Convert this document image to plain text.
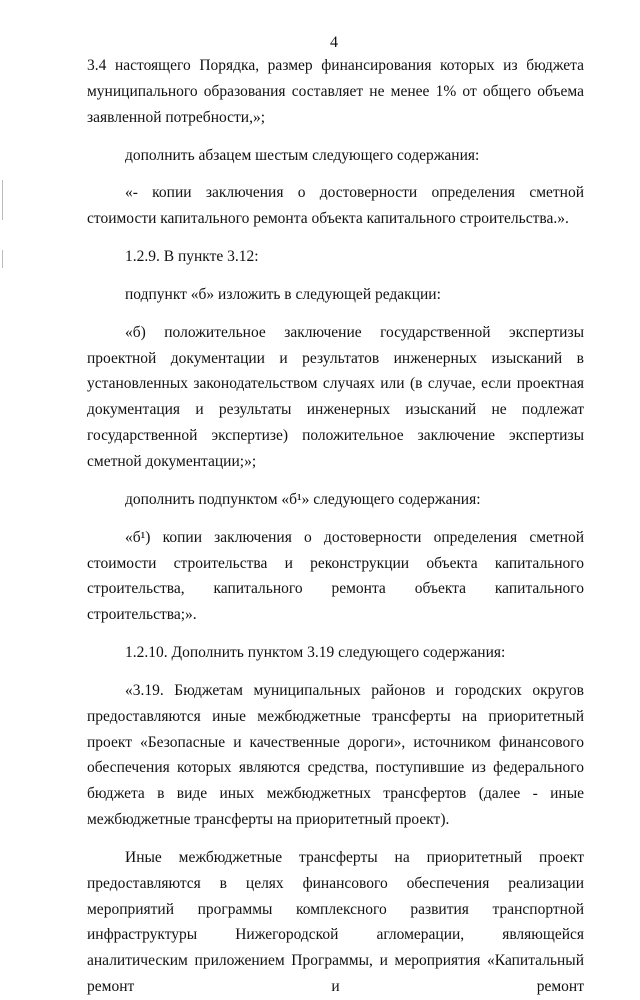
4

3.4 настоящего Порядка, размер финансирования которых из бюджета муниципального образования составляет не менее 1% от общего объема заявленной потребности,»;

дополнить абзацем шестым следующего содержания:

«- копии заключения о достоверности определения сметной стоимости капитального ремонта объекта капитального строительства.».

1.2.9. В пункте 3.12:

подпункт «б» изложить в следующей редакции:

«б) положительное заключение государственной экспертизы проектной документации и результатов инженерных изысканий в установленных законодательством случаях или (в случае, если проектная документация и результаты инженерных изысканий не подлежат государственной экспертизе) положительное заключение экспертизы сметной документации;»;

дополнить подпунктом «б¹» следующего содержания:

«б¹) копии заключения о достоверности определения сметной стоимости строительства и реконструкции объекта капитального строительства, капитального ремонта объекта капитального строительства;».

1.2.10. Дополнить пунктом 3.19 следующего содержания:

«3.19. Бюджетам муниципальных районов и городских округов предоставляются иные межбюджетные трансферты на приоритетный проект «Безопасные и качественные дороги», источником финансового обеспечения которых являются средства, поступившие из федерального бюджета в виде иных межбюджетных трансфертов (далее - иные межбюджетные трансферты на приоритетный проект).

Иные межбюджетные трансферты на приоритетный проект предоставляются в целях финансового обеспечения реализации мероприятий программы комплексного развития транспортной инфраструктуры Нижегородской агломерации, являющейся аналитическим приложением Программы, и мероприятия «Капитальный ремонт и ремонт
